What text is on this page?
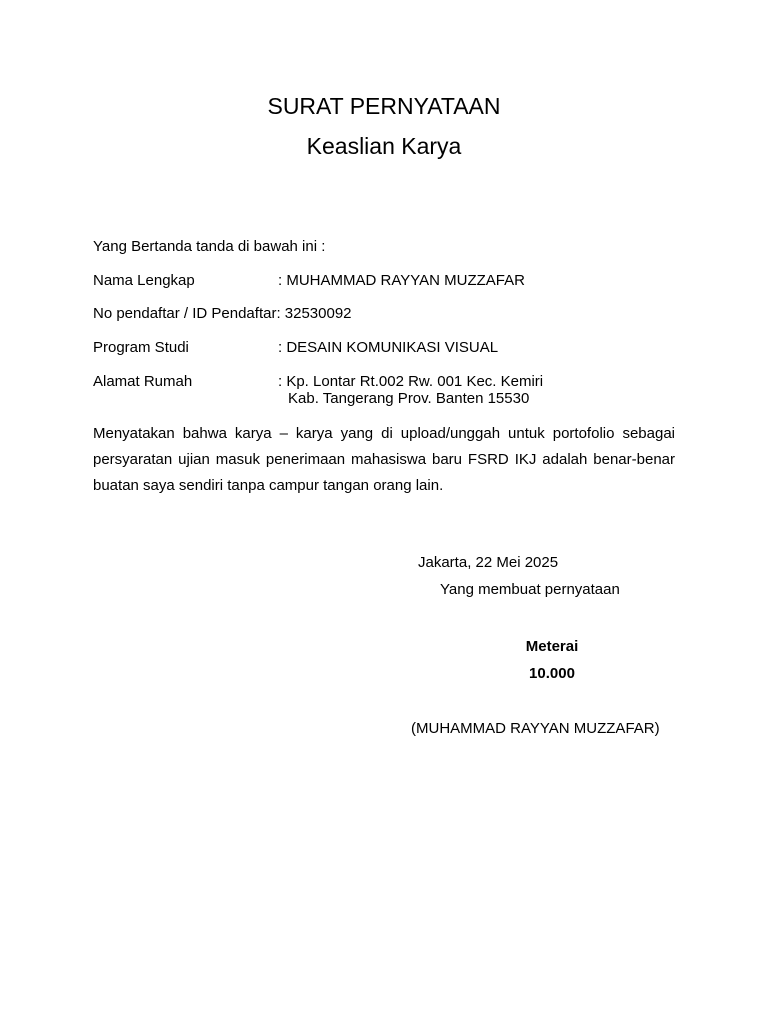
SURAT PERNYATAAN
Keaslian Karya
Yang Bertanda tanda di bawah ini :
Nama Lengkap	: MUHAMMAD RAYYAN MUZZAFAR
No pendaftar / ID Pendaftar: 32530092
Program Studi	: DESAIN KOMUNIKASI VISUAL
Alamat Rumah	: Kp. Lontar Rt.002 Rw. 001 Kec. Kemiri
Kab. Tangerang Prov. Banten 15530
Menyatakan bahwa karya – karya yang di upload/unggah untuk portofolio sebagai persyaratan ujian masuk penerimaan mahasiswa baru FSRD IKJ adalah benar-benar buatan saya sendiri tanpa campur tangan orang lain.
Jakarta, 22 Mei 2025
Yang membuat pernyataan
Meterai
10.000
(MUHAMMAD RAYYAN MUZZAFAR)
